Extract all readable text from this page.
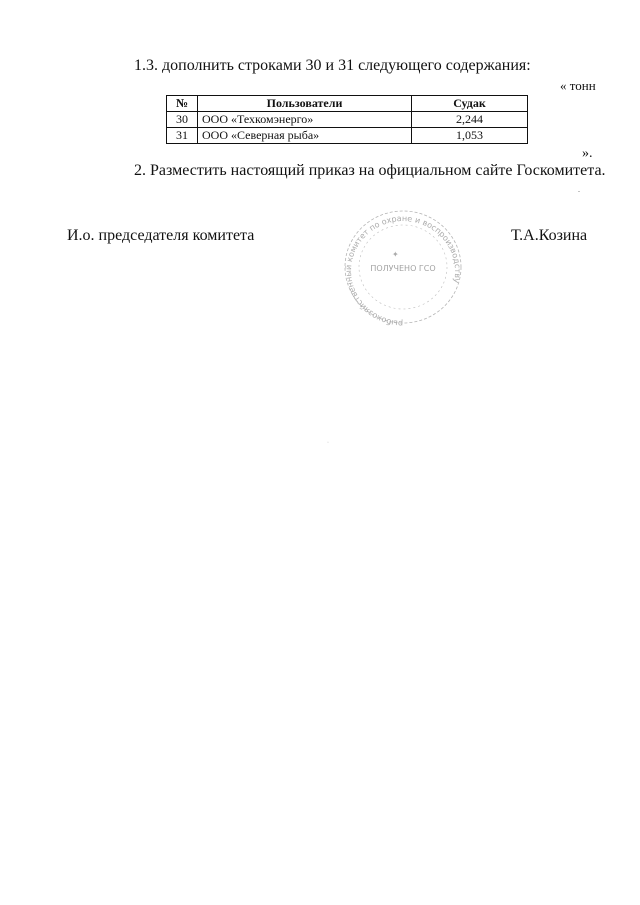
1.3. дополнить строками 30 и 31 следующего содержания:
« тонн
№	Пользователи	Судак
30	ООО «Техкомэнерго»	2,244
31	ООО «Северная рыба»	1,053
».
2. Разместить настоящий приказ на официальном сайте Госкомитета.
.
И.о. председателя комитета	Т.А.Козина
рыбохозяйственный комитет по охране и воспроизводству
✦
ПОЛУЧЕНО ГСО
·
